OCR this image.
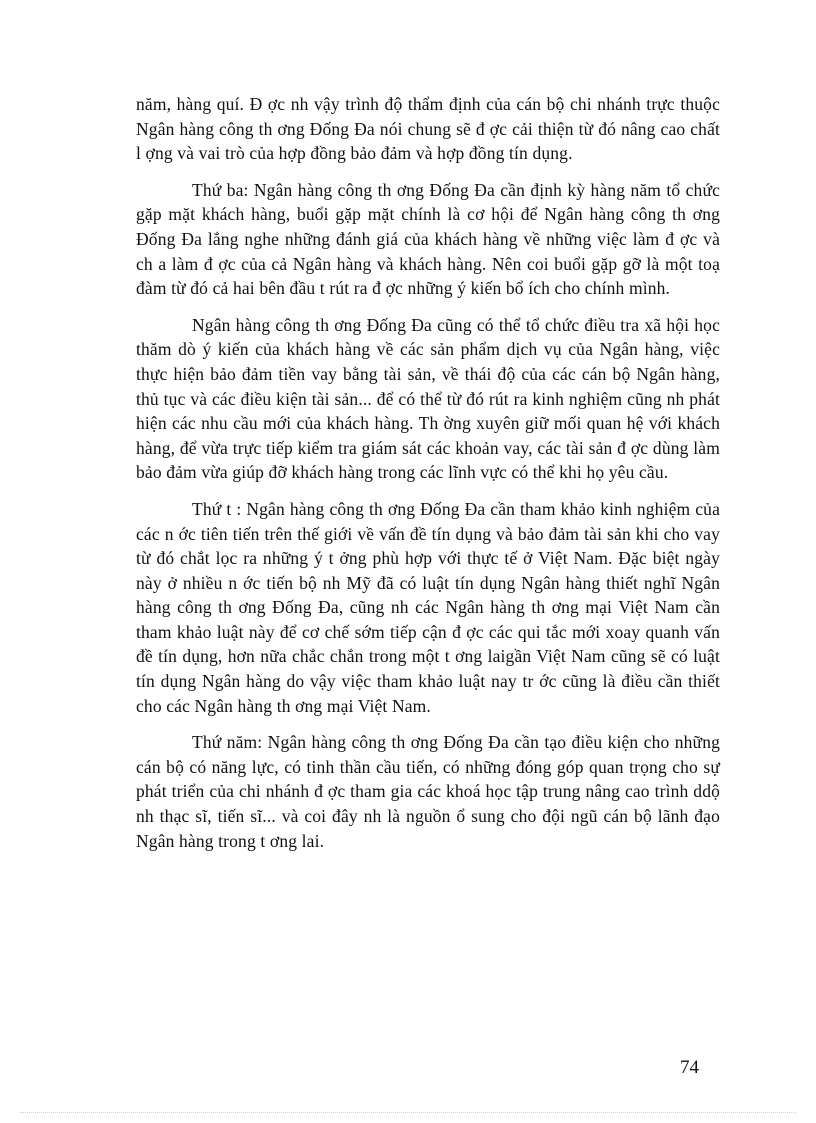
năm, hàng quí. Đ ợc nh vậy trình độ thẩm định của cán bộ chi nhánh trực thuộc Ngân hàng công th ơng Đống Đa nói chung sẽ đ ợc cải thiện từ đó nâng cao chất l ợng và vai trò của hợp đồng bảo đảm và hợp đồng tín dụng.

Thứ ba: Ngân hàng công th ơng Đống Đa cần định kỳ hàng năm tổ chức gặp mặt khách hàng, buổi gặp mặt chính là cơ hội để Ngân hàng công th ơng Đống Đa lắng nghe những đánh giá của khách hàng về những việc làm đ ợc và ch a làm đ ợc của cả Ngân hàng và khách hàng. Nên coi buổi gặp gỡ là một toạ đàm từ đó cả hai bên đầu t rút ra đ ợc những ý kiến bổ ích cho chính mình.

Ngân hàng công th ơng Đống Đa cũng có thể tổ chức điều tra xã hội học thăm dò ý kiến của khách hàng về các sản phẩm dịch vụ của Ngân hàng, việc thực hiện bảo đảm tiền vay bằng tài sản, về thái độ của các cán bộ Ngân hàng, thủ tục và các điều kiện tài sản... để có thể từ đó rút ra kinh nghiệm cũng nh phát hiện các nhu cầu mới của khách hàng. Th ờng xuyên giữ mối quan hệ với khách hàng, để vừa trực tiếp kiểm tra giám sát các khoản vay, các tài sản đ ợc dùng làm bảo đảm vừa giúp đỡ khách hàng trong các lĩnh vực có thể khi họ yêu cầu.

Thứ t : Ngân hàng công th ơng Đống Đa cần tham khảo kinh nghiệm của các n ớc tiên tiến trên thế giới về vấn đề tín dụng và bảo đảm tài sản khi cho vay từ đó chắt lọc ra những ý t ởng phù hợp với thực tế ở Việt Nam. Đặc biệt ngày này ở nhiều n ớc tiến bộ nh Mỹ đã có luật tín dụng Ngân hàng thiết nghĩ Ngân hàng công th ơng Đống Đa, cũng nh các Ngân hàng th ơng mại Việt Nam cần tham khảo luật này để cơ chế sớm tiếp cận đ ợc các qui tắc mới xoay quanh vấn đề tín dụng, hơn nữa chắc chắn trong một t ơng laigần Việt Nam cũng sẽ có luật tín dụng Ngân hàng do vậy việc tham khảo luật nay tr ớc cũng là điều cần thiết cho các Ngân hàng th ơng mại Việt Nam.

Thứ năm: Ngân hàng công th ơng Đống Đa cần tạo điều kiện cho những cán bộ có năng lực, có tinh thần cầu tiến, có những đóng góp quan trọng cho sự phát triển của chi nhánh đ ợc tham gia các khoá học tập trung nâng cao trình ddộ nh thạc sĩ, tiến sĩ... và coi đây nh là nguồn ổ sung cho đội ngũ cán bộ lãnh đạo Ngân hàng trong t ơng lai.

74
